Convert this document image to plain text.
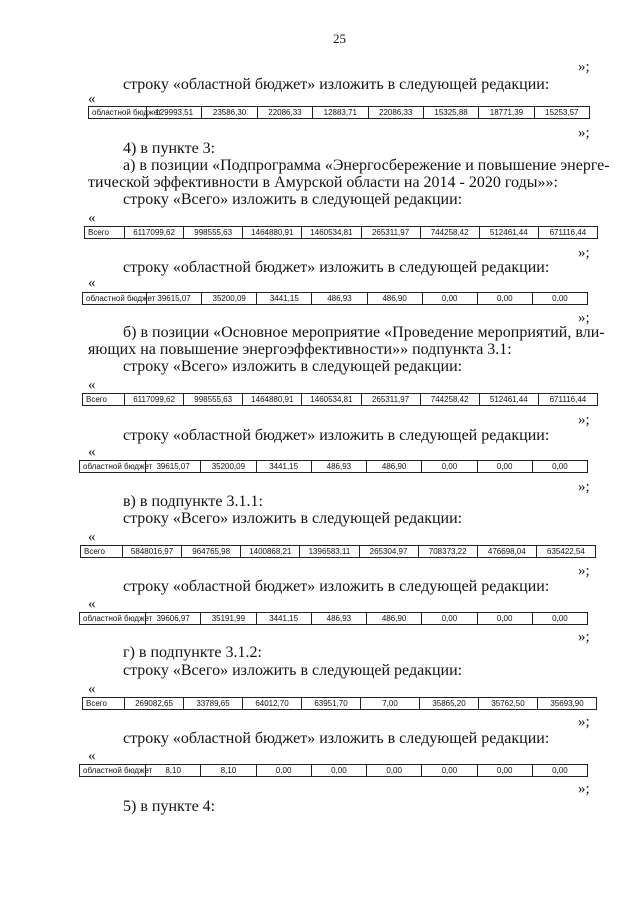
25
»;
строку «областной бюджет» изложить в следующей редакции:
«
»;
4) в пункте 3:
а) в позиции «Подпрограмма «Энергосбережение и повышение энерге-
тической эффективности в Амурской области на 2014 - 2020 годы»»:
строку «Всего» изложить в следующей редакции:
«
»;
строку «областной бюджет» изложить в следующей редакции:
«
»;
б) в позиции «Основное мероприятие «Проведение мероприятий, вли-
яющих на повышение энергоэффективности»» подпункта 3.1:
строку «Всего» изложить в следующей редакции:
«
»;
строку «областной бюджет» изложить в следующей редакции:
«
»;
в) в подпункте 3.1.1:
строку «Всего» изложить в следующей редакции:
«
»;
строку «областной бюджет» изложить в следующей редакции:
«
»;
г) в подпункте 3.1.2:
строку «Всего» изложить в следующей редакции:
«
»;
строку «областной бюджет» изложить в следующей редакции:
«
»;
5) в пункте 4:
областной бюджет	129993,51	23586,30	22086,33	12883,71	22086,33	15325,88	18771,39	15253,57
Всего	6117099,62	998555,63	1464880,91	1460534,81	265311,97	744258,42	512461,44	671116,44
областной бюджет	39615,07	35200,09	3441,15	486,93	486,90	0,00	0,00	0,00
Всего	6117099,62	998555,63	1464880,91	1460534,81	265311,97	744258,42	512461,44	671116,44
областной бюджет	39615,07	35200,09	3441,15	486,93	486,90	0,00	0,00	0,00
Всего	5848016,97	964765,98	1400868,21	1396583,11	265304,97	708373,22	476698,04	635422,54
областной бюджет	39606,97	35191,99	3441,15	486,93	486,90	0,00	0,00	0,00
Всего	269082,65	33789,65	64012,70	63951,70	7,00	35865,20	35762,50	35693,90
областной бюджет	8,10	8,10	0,00	0,00	0,00	0,00	0,00	0,00
